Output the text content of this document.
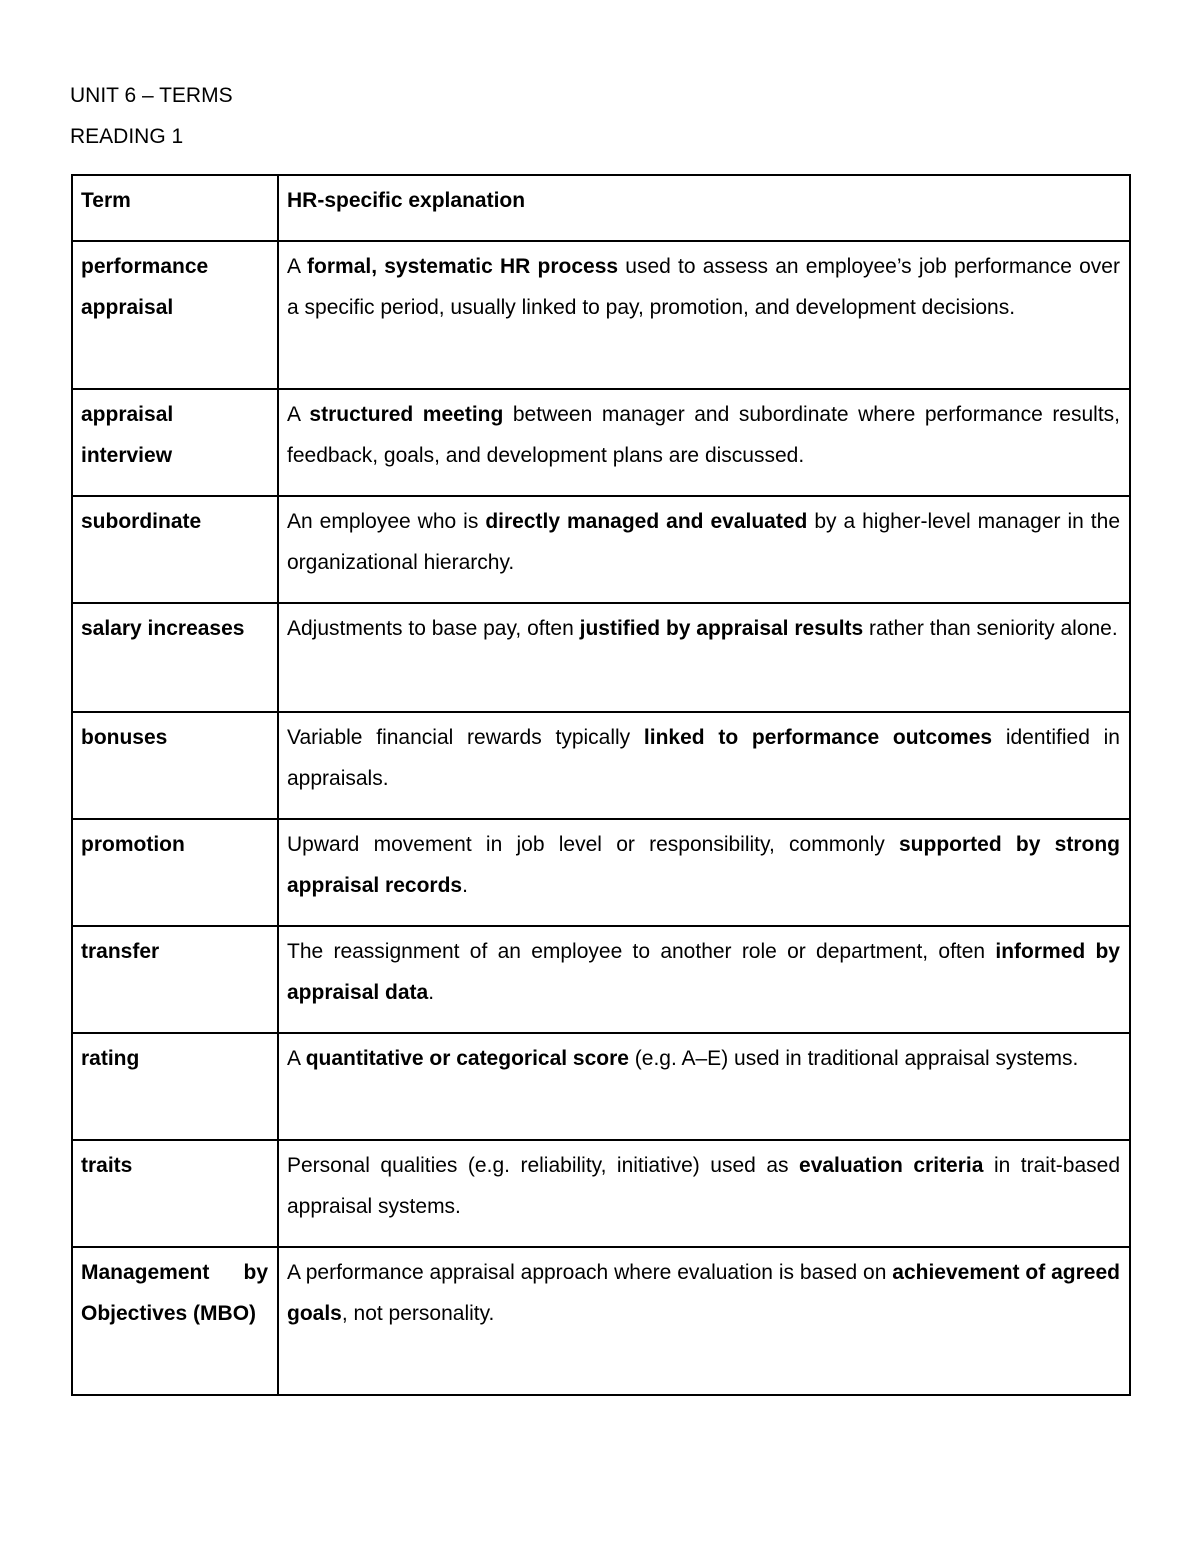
UNIT 6 – TERMS
READING 1
Term	HR-specific explanation
performance appraisal	A formal, systematic HR process used to assess an employee’s job performance over a specific period, usually linked to pay, promotion, and development decisions.
appraisal interview	A structured meeting between manager and subordinate where performance results, feedback, goals, and development plans are discussed.
subordinate	An employee who is directly managed and evaluated by a higher-level manager in the organizational hierarchy.
salary increases	Adjustments to base pay, often justified by appraisal results rather than seniority alone.
bonuses	Variable financial rewards typically linked to performance outcomes identified in appraisals.
promotion	Upward movement in job level or responsibility, commonly supported by strong appraisal records.
transfer	The reassignment of an employee to another role or department, often informed by appraisal data.
rating	A quantitative or categorical score (e.g. A–E) used in traditional appraisal systems.
traits	Personal qualities (e.g. reliability, initiative) used as evaluation criteria in trait-based appraisal systems.
Management by Objectives (MBO)	A performance appraisal approach where evaluation is based on achievement of agreed goals, not personality.
